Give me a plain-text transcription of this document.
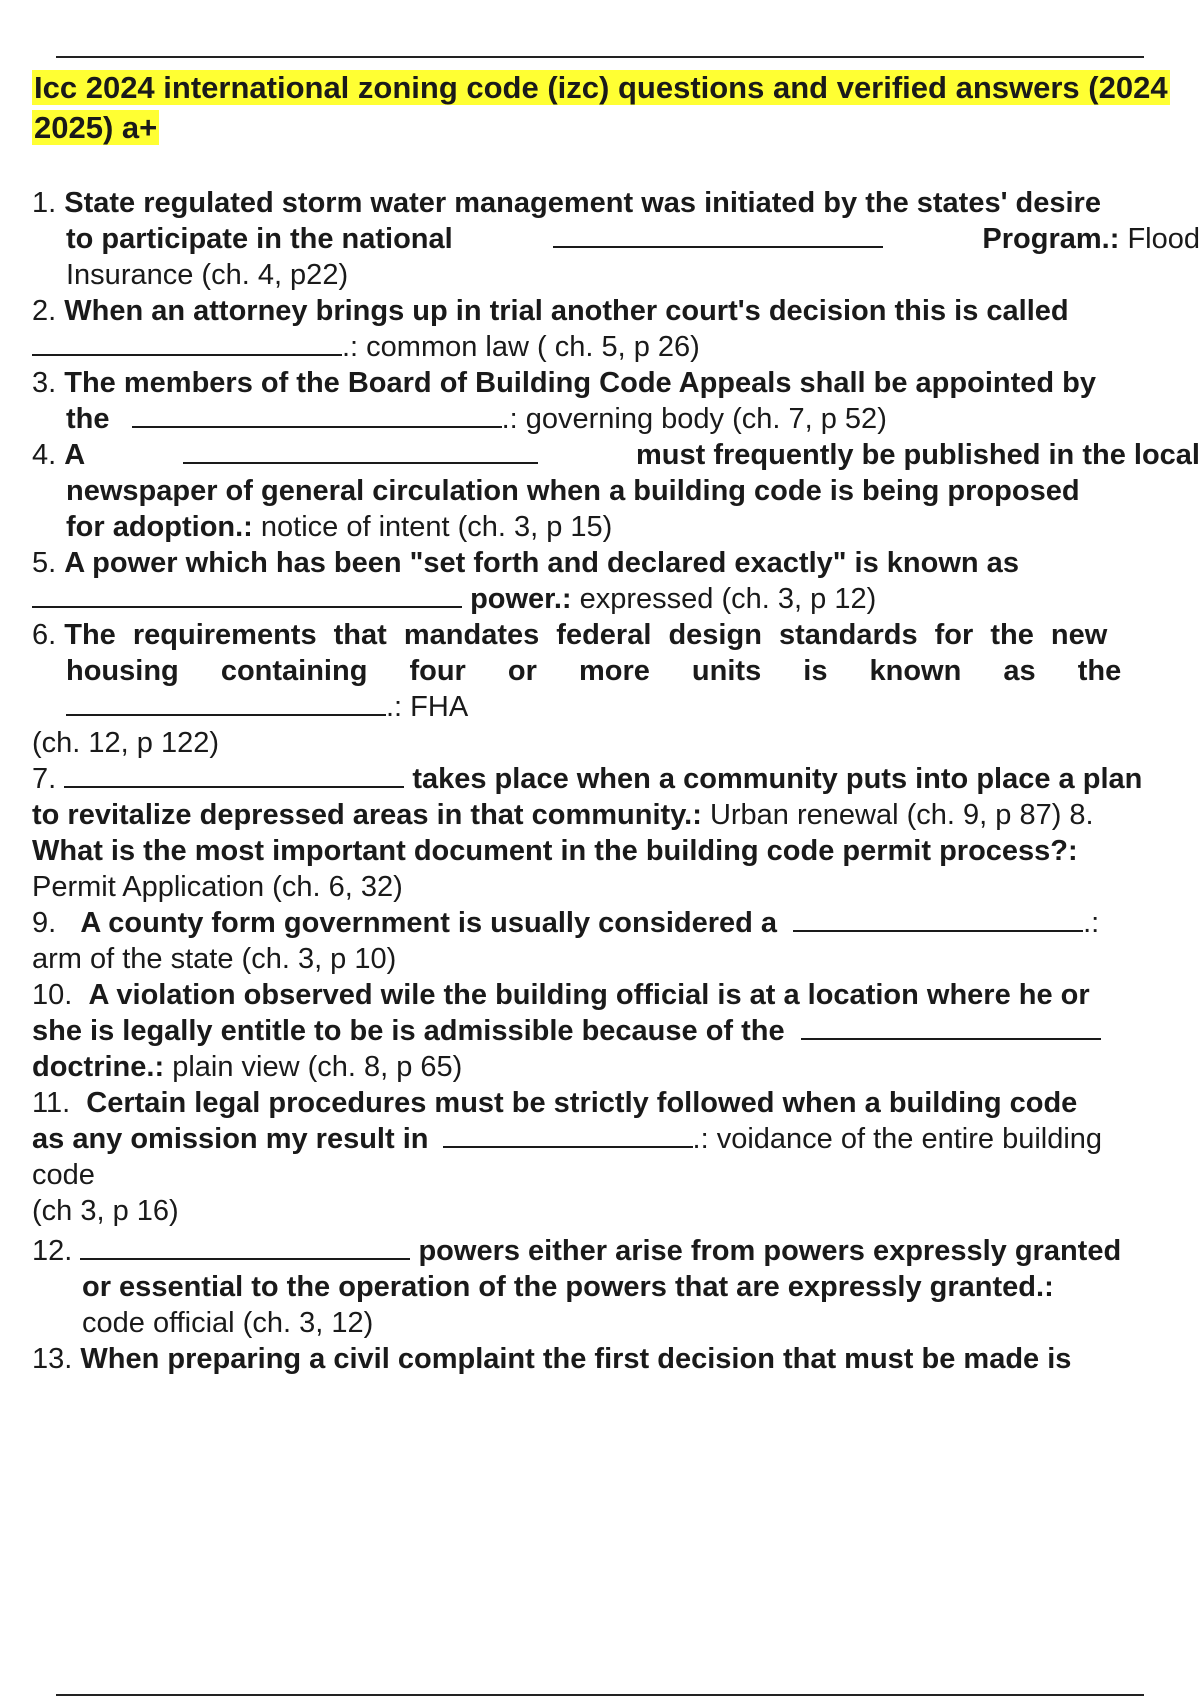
Icc 2024 international zoning code (izc) questions and verified answers (2024
2025) a+
1. State regulated storm water management was initiated by the states' desire
to participate in the national	Program.: Flood
Insurance (ch. 4, p22)
2. When an attorney brings up in trial another court's decision this is called
.: common law ( ch. 5, p 26)
3. The members of the Board of Building Code Appeals shall be appointed by
the	.: governing body (ch. 7, p 52)
4. A	must frequently be published in the local
newspaper of general circulation when a building code is being proposed
for adoption.: notice of intent (ch. 3, p 15)
5. A power which has been "set forth and declared exactly" is known as
power.: expressed (ch. 3, p 12)
6. The requirements that mandates federal design standards for the new
housing containing four or more units is known as the
.: FHA
(ch. 12, p 122)
7.	takes place when a community puts into place a plan
to revitalize depressed areas in that community.: Urban renewal (ch. 9, p 87) 8.
What is the most important document in the building code permit process?:
Permit Application (ch. 6, 32)
9. A county form government is usually considered a	.:
arm of the state (ch. 3, p 10)
10. A violation observed wile the building official is at a location where he or
she is legally entitle to be is admissible because of the
doctrine.: plain view (ch. 8, p 65)
11. Certain legal procedures must be strictly followed when a building code
as any omission my result in	.: voidance of the entire building
code
(ch 3, p 16)
12.	powers either arise from powers expressly granted
or essential to the operation of the powers that are expressly granted.:
code official (ch. 3, 12)
13. When preparing a civil complaint the first decision that must be made is
